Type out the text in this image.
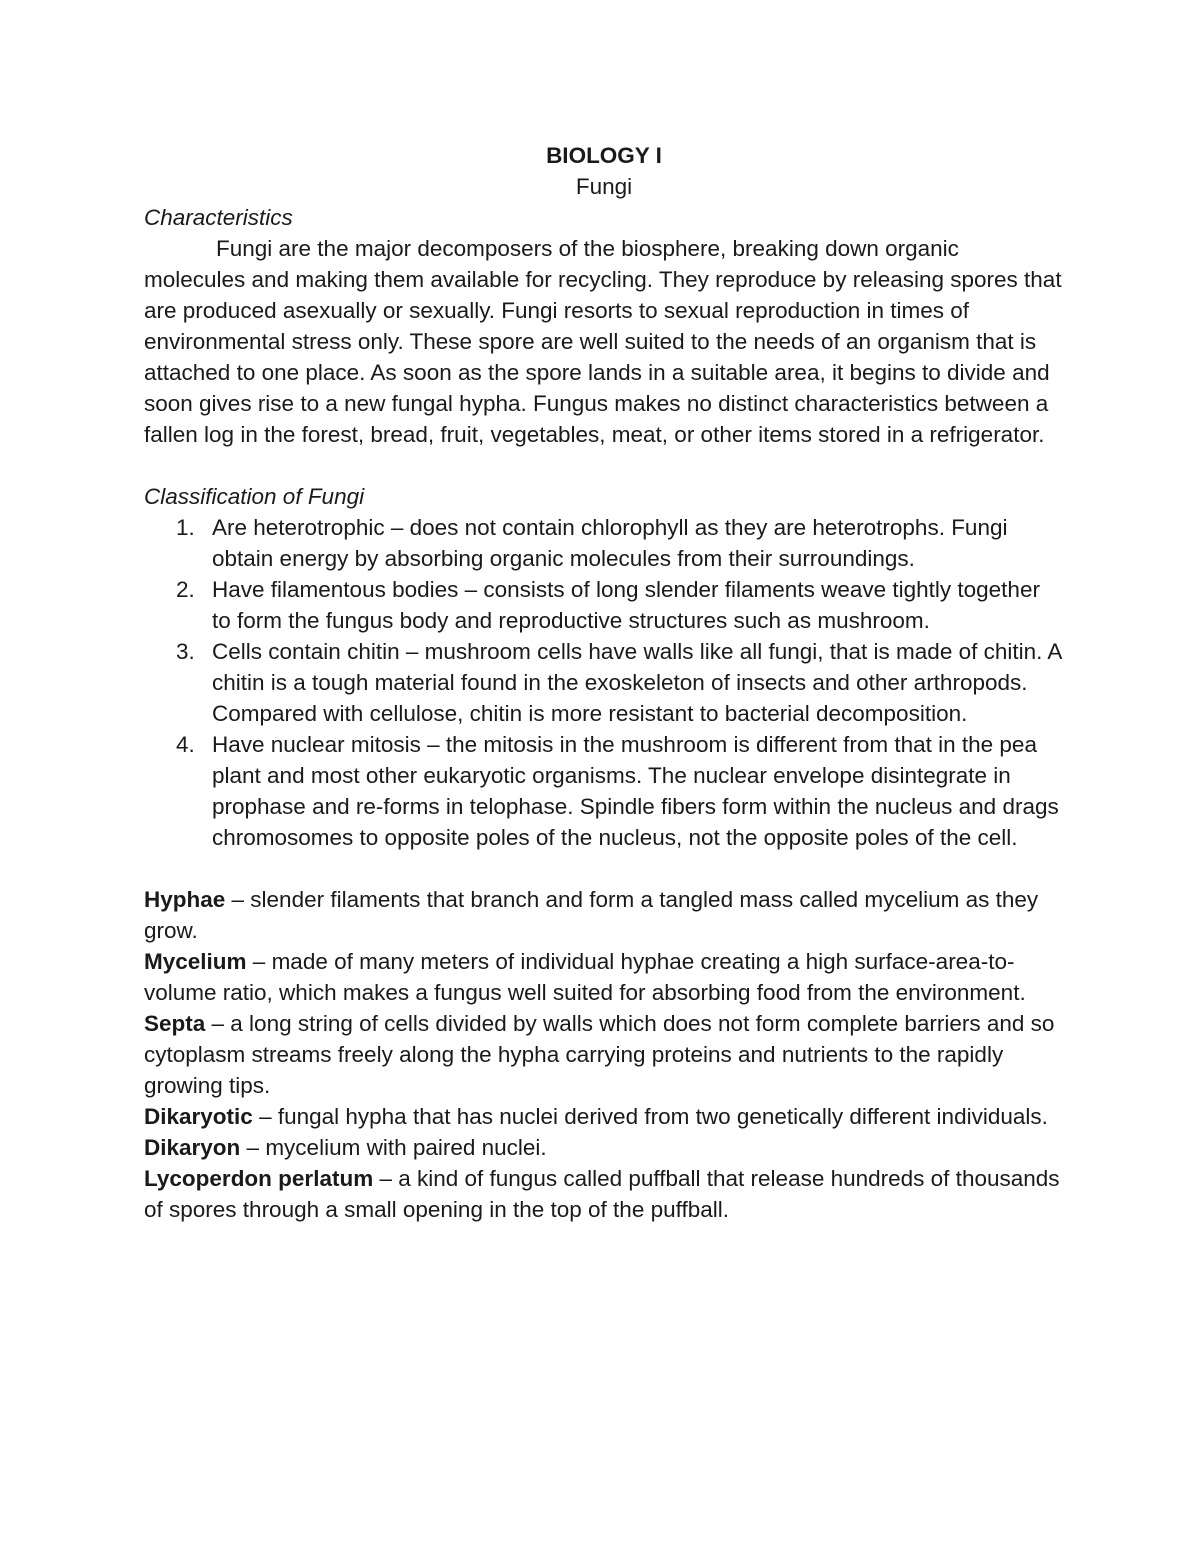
BIOLOGY I

Fungi

Characteristics

Fungi are the major decomposers of the biosphere, breaking down organic molecules and making them available for recycling. They reproduce by releasing spores that are produced asexually or sexually. Fungi resorts to sexual reproduction in times of environmental stress only. These spore are well suited to the needs of an organism that is attached to one place. As soon as the spore lands in a suitable area, it begins to divide and soon gives rise to a new fungal hypha. Fungus makes no distinct characteristics between a fallen log in the forest, bread, fruit, vegetables, meat, or other items stored in a refrigerator.

Classification of Fungi

1. Are heterotrophic – does not contain chlorophyll as they are heterotrophs. Fungi obtain energy by absorbing organic molecules from their surroundings.
2. Have filamentous bodies – consists of long slender filaments weave tightly together to form the fungus body and reproductive structures such as mushroom.
3. Cells contain chitin – mushroom cells have walls like all fungi, that is made of chitin. A chitin is a tough material found in the exoskeleton of insects and other arthropods. Compared with cellulose, chitin is more resistant to bacterial decomposition.
4. Have nuclear mitosis – the mitosis in the mushroom is different from that in the pea plant and most other eukaryotic organisms. The nuclear envelope disintegrate in prophase and re-forms in telophase. Spindle fibers form within the nucleus and drags chromosomes to opposite poles of the nucleus, not the opposite poles of the cell.

Hyphae – slender filaments that branch and form a tangled mass called mycelium as they grow.

Mycelium – made of many meters of individual hyphae creating a high surface-area-to-volume ratio, which makes a fungus well suited for absorbing food from the environment.

Septa – a long string of cells divided by walls which does not form complete barriers and so cytoplasm streams freely along the hypha carrying proteins and nutrients to the rapidly growing tips.

Dikaryotic – fungal hypha that has nuclei derived from two genetically different individuals.

Dikaryon – mycelium with paired nuclei.

Lycoperdon perlatum – a kind of fungus called puffball that release hundreds of thousands of spores through a small opening in the top of the puffball.
